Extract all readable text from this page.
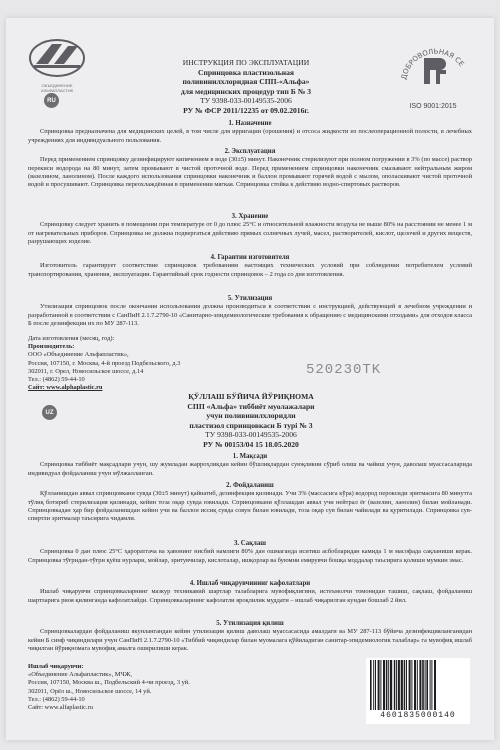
ОБЪЕДИНЕНИЕ АЛЬФАПЛАСТИК
RU

ИНСТРУКЦИЯ ПО ЭКСПЛУАТАЦИИ

Спринцовка пластизольная

поливинилхлоридная СПП-«Альфа»

для медицинских процедур тип Б № 3

ТУ 9398-033-00149535-2006

РУ № ФСР 2011/12235 от 09.02.2016г.

ДОБРОВОЛЬНАЯ СЕ
ISO 9001:2015

1. Назначение

Спринцовка предназначена для медицинских целей, в том числе для ирригации (орошения) и отсоса жидкости из послеоперационной полости, в лечебных учреждениях для индивидуального пользования.

2. Эксплуатация

Перед применением спринцовку дезинфицируют кипячением в воде (30±5) минут. Наконечник стерилизуют при полном погружении в 3% (по массе) раствор перекиси водорода на 80 минут, затем промывают в чистой проточной воде. Перед применением спринцовки наконечник смазывают нейтральным жиром (вазелином, ланолином). После каждого использования спринцовки наконечник и баллон промывают горячей водой с мылом, ополаскивают чистой проточной водой и просушивают. Спринцовка переохлаждённая в применении мягкая. Спринцовка стойка к действию водно-спиртовых растворов.

3. Хранение

Спринцовку следует хранить в помещении при температуре от 0 до плюс 25°С и относительной влажности воздуха не выше 80% на расстоянии не менее 1 м от нагревательных приборов. Спринцовка не должна подвергаться действию прямых солнечных лучей, масел, растворителей, кислот, щелочей и других веществ, разрушающих изделие.

4. Гарантии изготовителя

Изготовитель гарантирует соответствие спринцовок требованиям настоящих технических условий при соблюдении потребителем условий транспортирования, хранения, эксплуатации. Гарантийный срок годности спринцовок – 2 года со дня изготовления.

5. Утилизация

Утилизация спринцовок после окончания использования должна производиться в соответствии с инструкцией, действующей в лечебном учреждении и разработанной в соответствии с СанПиН 2.1.7.2790-10 «Санитарно-эпидемиологические требования к обращению с медицинскими отходами» для отходов класса Б после дезинфекции их по МУ 287-113.

Дата изготовления (месяц, год):

Производитель:

ООО «Объединение Альфапластик»,

Россия, 107150, г. Москва, 4-й проезд Подбельского, д.3

302011, г. Орел, Новосильское шоссе, д.14

Тел.: (4862) 59-44-10

Сайт: www.alphaplastic.ru

520230TK
UZ

ҚЎЛЛАШ БЎЙИЧА ЙЎРИҚНОМА

СПП «Альфа» тиббиёт муолажалари

учун поливинилхлоридли

пластизол спринцовкаси Б турі № 3

ТУ 9398-033-00149535-2006

РУ № 00153/04 15 18.05.2020

1. Мақсади

Спринцовка тиббиёт мақсадлари учун, шу жумладан жарроҳликдан кейин бўшлиқлардан суюқликни сўриб олиш ва чайиш учун, даволаш муассасаларида индивидуал фойдаланиш учун мўлжалланган.

2. Фойдаланиш

Қўлланишдан аввал спринцовкани сувда (30±5 минут) қайнатиб, дезинфекция қилинади. Учи 3% (массасига кўра) водород пероксиди эритмасига 80 минутга тўлиқ ботириб стерилизация қилинади, кейин тоза оқар сувда ювилади. Спринцовкани қўллашдан аввал учи нейтрал ёғ (вазелин, ланолин) билан мойланади. Спринцовкадан ҳар бир фойдаланишдан кейин учи ва баллон иссиқ сувда совун билан ювилади, тоза оқар сув билан чайилади ва қуритилади. Спринцовка сув-спиртли эритмалар таъсирига чидамли.

3. Сақлаш

Спринцовка 0 дан плюс 25°С ҳароратгача ва ҳавонинг нисбий намлиги 80% дан ошмаганда иситиш асбобларидан камида 1 м масофада сақланиши керак. Спринцовка тўғридан-тўғри қуёш нурлари, мойлар, эритувчилар, кислоталар, ишқорлар ва буюмни емирувчи бошқа моддалар таъсирига қолиши мумкин эмас.

4. Ишлаб чиқарувчининг кафолатлари

Ишлаб чиқарувчи спринцовкаларнинг мазкур техникавий шартлар талабларига мувофиқлигини, истеъмолчи томонидан ташиш, сақлаш, фойдаланиш шартларига риоя қилинганда кафолатлайди. Спринцовкаларнинг кафолатли яроқлилик муддати – ишлаб чиқарилган кундан бошлаб 2 йил.

5. Утилизация қилиш

Спринцовкалардан фойдаланиш якунлангандан кейин утилизация қилиш даволаш муассасасида амалдаги ва МУ 287-113 бўйича дезинфекцияланганидан кейин Б синф чиқиндилари учун СанПиН 2.1.7.2790-10 «Тиббий чиқиндилар билан муомалага қўйиладиган санитар-эпидемиологик талаблар» га мувофиқ ишлаб чиқилган йўриқномага мувофиқ амалга оширилиши керак.

Ишлаб чиқарувчи:

«Объединение Альфапластик», МЧЖ,

Россия, 107150, Москва ш., Подбельский 4-чи проезд, 3 уй.

302011, Орёл ш., Новосильское шоссе, 14 уй.

Тел.: (4862) 59-44-10

Сайт: www.alfaplastic.ru

4601835000140
